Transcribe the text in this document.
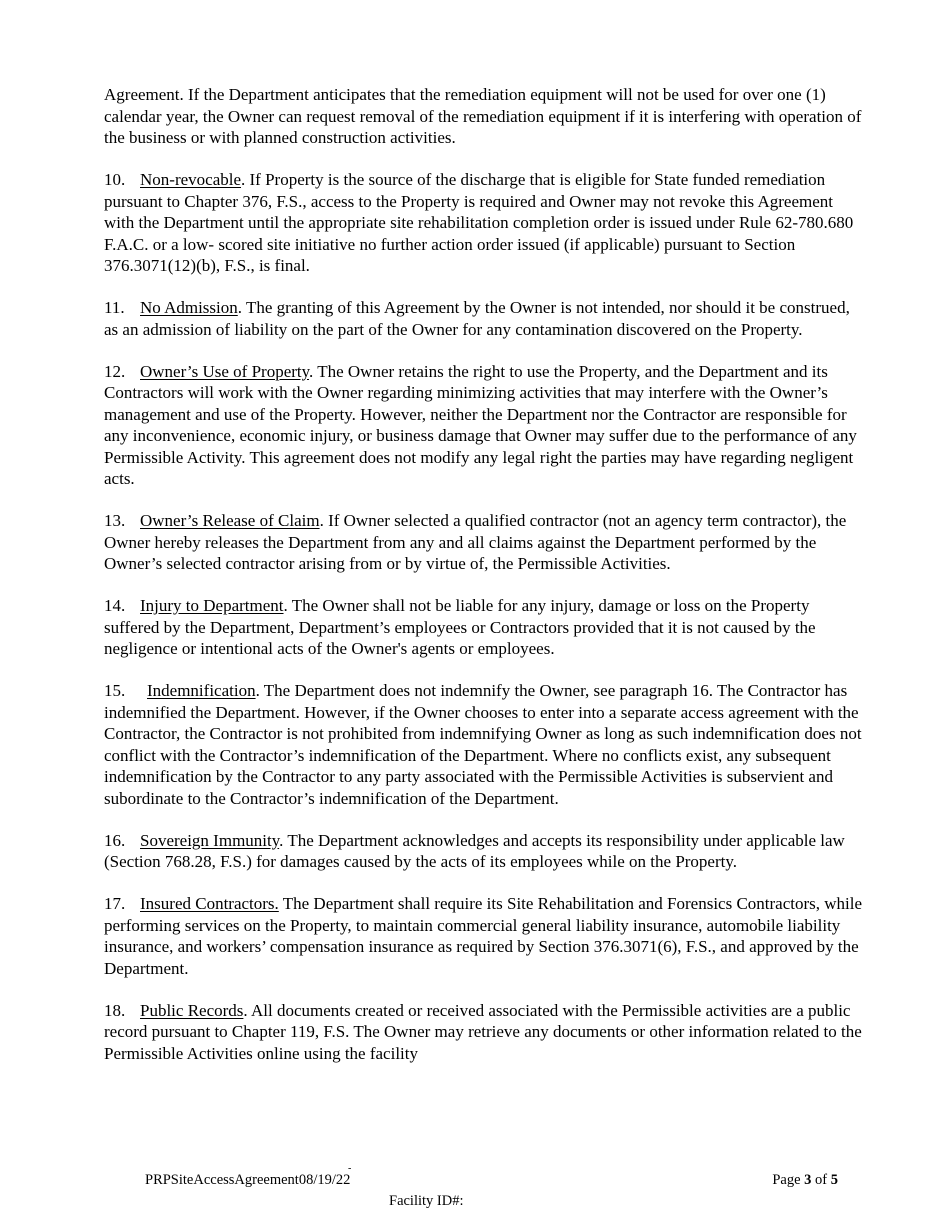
Agreement. If the Department anticipates that the remediation equipment will not be used for over one (1) calendar year, the Owner can request removal of the remediation equipment if it is interfering with operation of the business or with planned construction activities.

10. Non-revocable. If Property is the source of the discharge that is eligible for State funded remediation pursuant to Chapter 376, F.S., access to the Property is required and Owner may not revoke this Agreement with the Department until the appropriate site rehabilitation completion order is issued under Rule 62-780.680 F.A.C. or a low- scored site initiative no further action order issued (if applicable) pursuant to Section 376.3071(12)(b), F.S., is final.

11. No Admission. The granting of this Agreement by the Owner is not intended, nor should it be construed, as an admission of liability on the part of the Owner for any contamination discovered on the Property.

12. Owner’s Use of Property. The Owner retains the right to use the Property, and the Department and its Contractors will work with the Owner regarding minimizing activities that may interfere with the Owner’s management and use of the Property. However, neither the Department nor the Contractor are responsible for any inconvenience, economic injury, or business damage that Owner may suffer due to the performance of any Permissible Activity. This agreement does not modify any legal right the parties may have regarding negligent acts.

13. Owner’s Release of Claim. If Owner selected a qualified contractor (not an agency term contractor), the Owner hereby releases the Department from any and all claims against the Department performed by the Owner’s selected contractor arising from or by virtue of, the Permissible Activities.

14. Injury to Department. The Owner shall not be liable for any injury, damage or loss on the Property suffered by the Department, Department’s employees or Contractors provided that it is not caused by the negligence or intentional acts of the Owner's agents or employees.

15. Indemnification. The Department does not indemnify the Owner, see paragraph 16. The Contractor has indemnified the Department. However, if the Owner chooses to enter into a separate access agreement with the Contractor, the Contractor is not prohibited from indemnifying Owner as long as such indemnification does not conflict with the Contractor’s indemnification of the Department. Where no conflicts exist, any subsequent indemnification by the Contractor to any party associated with the Permissible Activities is subservient and subordinate to the Contractor’s indemnification of the Department.

16. Sovereign Immunity. The Department acknowledges and accepts its responsibility under applicable law (Section 768.28, F.S.) for damages caused by the acts of its employees while on the Property.

17. Insured Contractors. The Department shall require its Site Rehabilitation and Forensics Contractors, while performing services on the Property, to maintain commercial general liability insurance, automobile liability insurance, and workers’ compensation insurance as required by Section 376.3071(6), F.S., and approved by the Department.

18. Public Records. All documents created or received associated with the Permissible activities are a public record pursuant to Chapter 119, F.S. The Owner may retrieve any documents or other information related to the Permissible Activities online using the facility

-
PRPSiteAccessAgreement08/19/22	Page 3 of 5
Facility ID#:
